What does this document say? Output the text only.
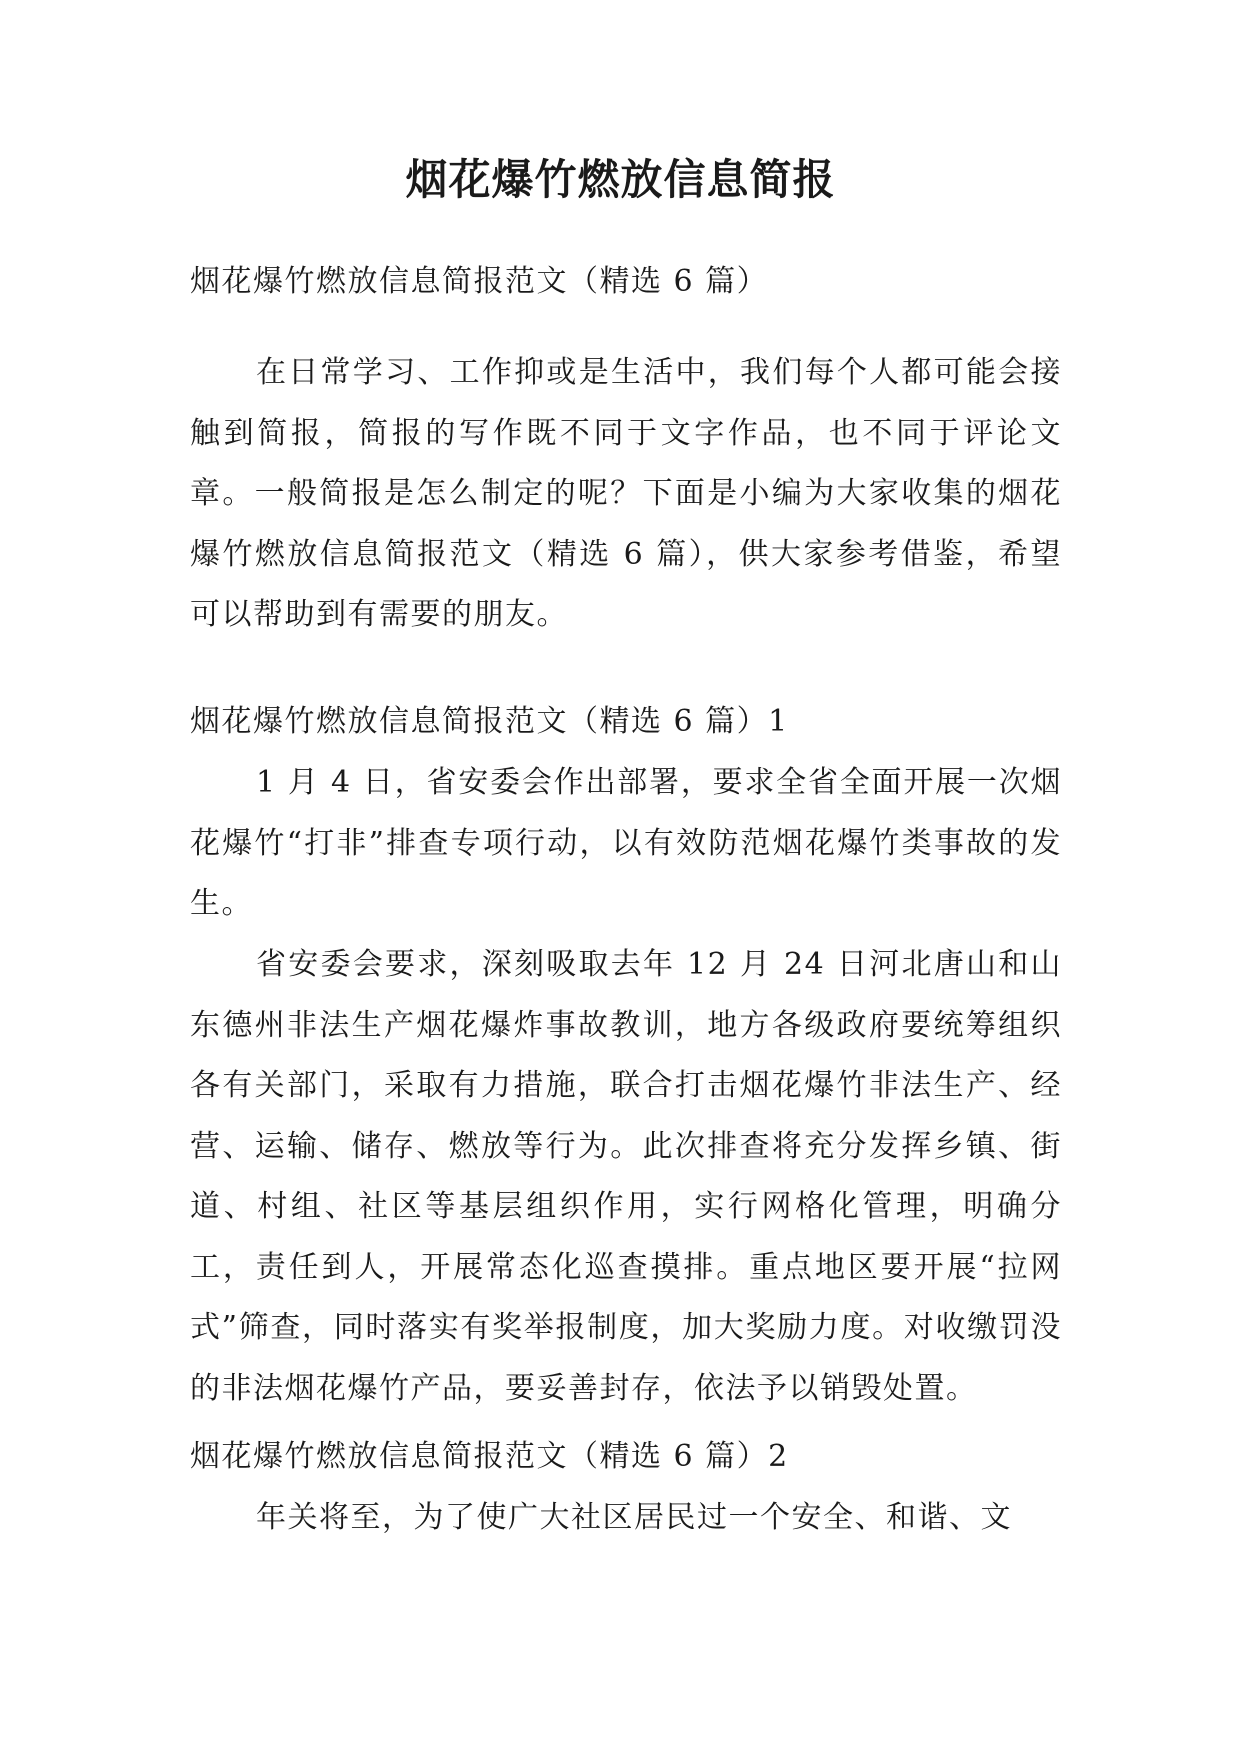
烟花爆竹燃放信息简报

烟花爆竹燃放信息简报范文（精选 6 篇）

在日常学习、工作抑或是生活中，我们每个人都可能会接触到简报，简报的写作既不同于文字作品，也不同于评论文章。一般简报是怎么制定的呢？下面是小编为大家收集的烟花爆竹燃放信息简报范文（精选 6 篇），供大家参考借鉴，希望可以帮助到有需要的朋友。

烟花爆竹燃放信息简报范文（精选 6 篇）1

1 月 4 日，省安委会作出部署，要求全省全面开展一次烟花爆竹“打非”排查专项行动，以有效防范烟花爆竹类事故的发生。

省安委会要求，深刻吸取去年 12 月 24 日河北唐山和山东德州非法生产烟花爆炸事故教训，地方各级政府要统筹组织各有关部门，采取有力措施，联合打击烟花爆竹非法生产、经营、运输、储存、燃放等行为。此次排查将充分发挥乡镇、街道、村组、社区等基层组织作用，实行网格化管理，明确分工，责任到人，开展常态化巡查摸排。重点地区要开展“拉网式”筛查，同时落实有奖举报制度，加大奖励力度。对收缴罚没的非法烟花爆竹产品，要妥善封存，依法予以销毁处置。

烟花爆竹燃放信息简报范文（精选 6 篇）2

年关将至，为了使广大社区居民过一个安全、和谐、文
